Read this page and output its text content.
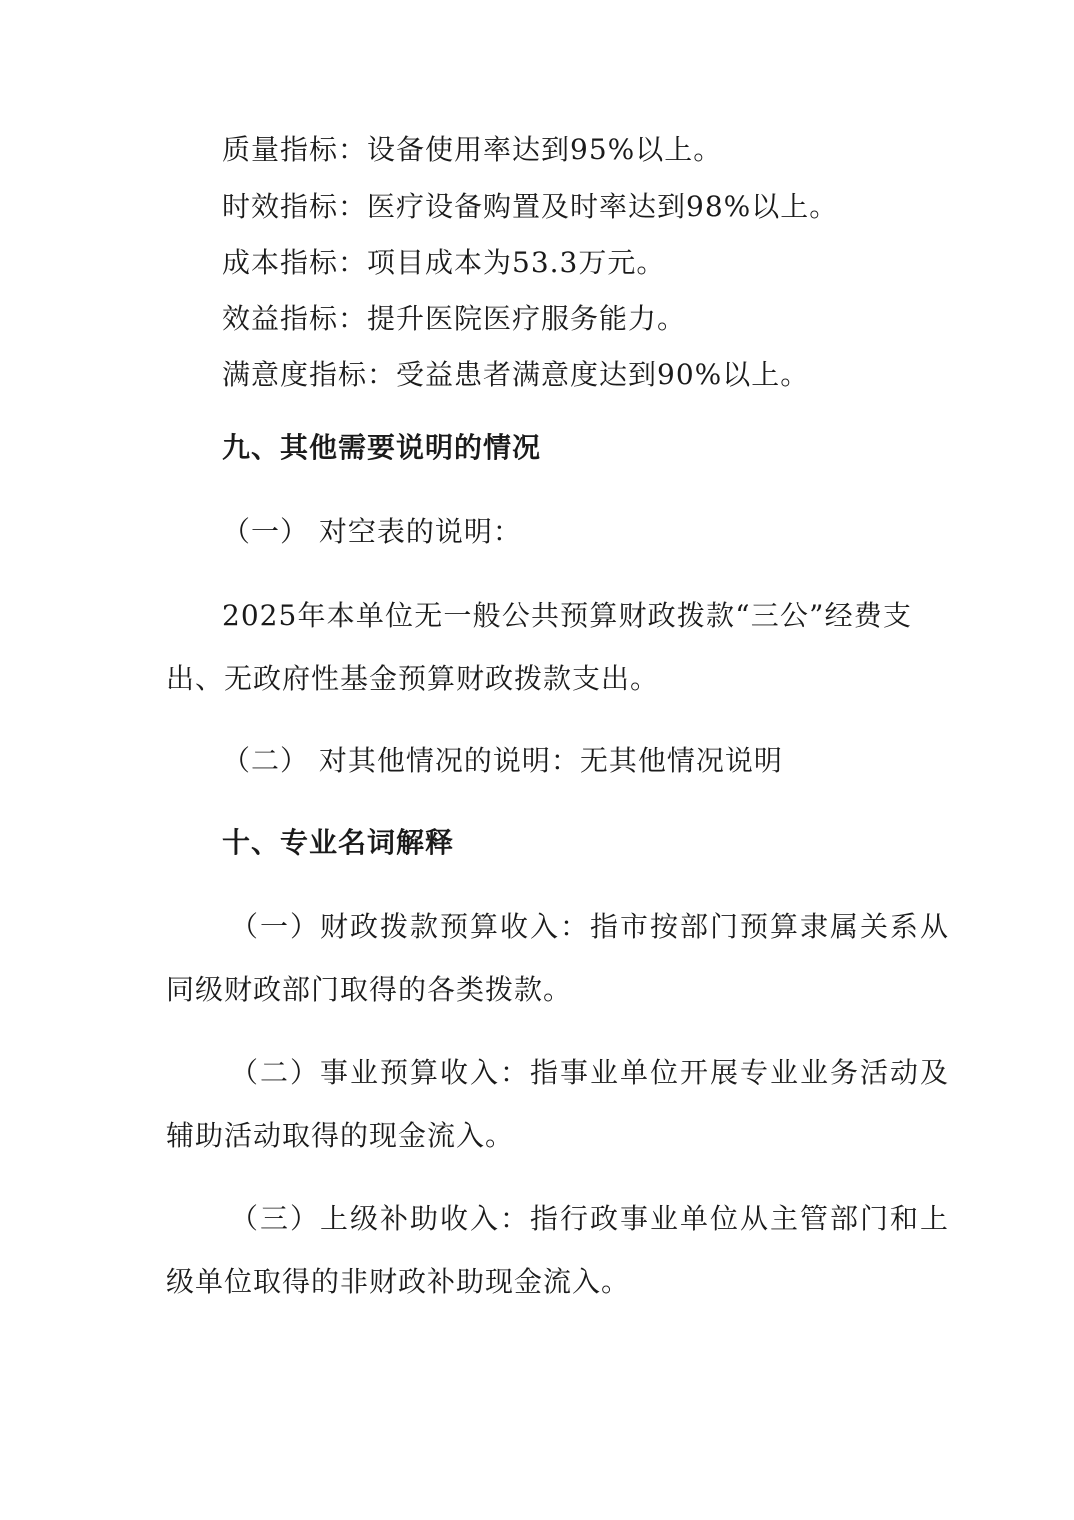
质量指标：设备使用率达到95%以上。
时效指标：医疗设备购置及时率达到98%以上。
成本指标：项目成本为53.3万元。
效益指标：提升医院医疗服务能力。
满意度指标：受益患者满意度达到90%以上。
九、其他需要说明的情况
（一） 对空表的说明：
2025年本单位无一般公共预算财政拨款“三公”经费支
出、无政府性基金预算财政拨款支出。
（二） 对其他情况的说明：无其他情况说明
十、专业名词解释
（一）财政拨款预算收入：指市按部门预算隶属关系从
同级财政部门取得的各类拨款。
（二）事业预算收入：指事业单位开展专业业务活动及
辅助活动取得的现金流入。
（三）上级补助收入：指行政事业单位从主管部门和上
级单位取得的非财政补助现金流入。
